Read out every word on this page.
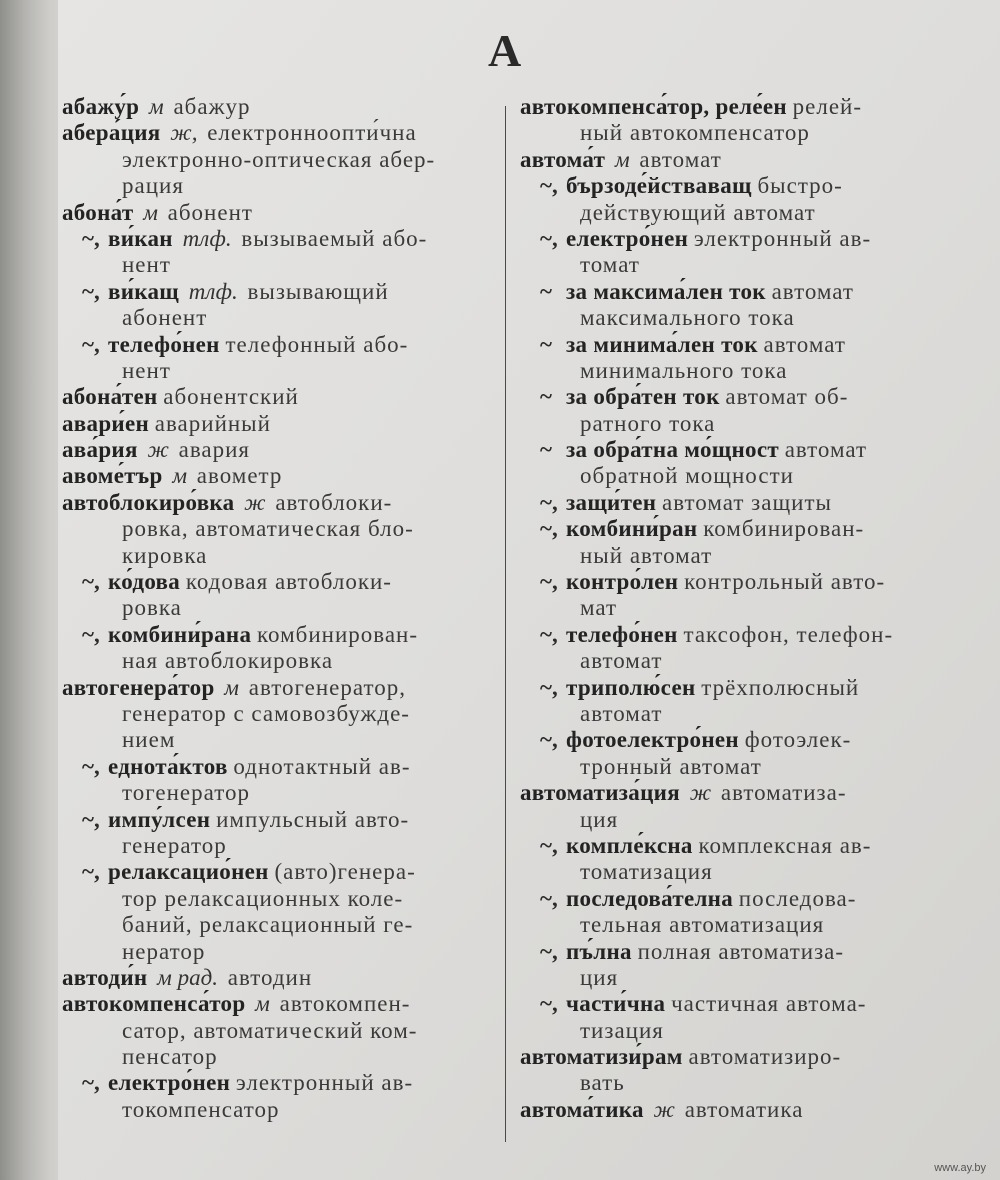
А
абажу́р м абажур
абера́ция ж, електронноопти́чна
электронно-оптическая абер-
рация
абона́т м абонент
~, ви́кан тлф. вызываемый або-
нент
~, ви́кащ тлф. вызывающий
абонент
~, телефо́нен телефонный або-
нент
абона́тен абонентский
авари́ен аварийный
ава́рия ж авария
авоме́тър м авометр
автоблокиро́вка ж автоблоки-
ровка, автоматическая бло-
кировка
~, ко́дова кодовая автоблоки-
ровка
~, комбини́рана комбинирован-
ная автоблокировка
автогенера́тор м автогенератор,
генератор с самовозбужде-
нием
~, еднота́ктов однотактный ав-
тогенератор
~, импу́лсен импульсный авто-
генератор
~, релаксацио́нен (авто)генера-
тор релаксационных коле-
баний, релаксационный ге-
нератор
автоди́н м рад. автодин
автокомпенса́тор м автокомпен-
сатор, автоматический ком-
пенсатор
~, електро́нен электронный ав-
токомпенсатор
автокомпенса́тор, реле́ен релей-
ный автокомпенсатор
автома́т м автомат
~, бързоде́йстваващ быстро-
действующий автомат
~, електро́нен электронный ав-
томат
~ за максима́лен ток автомат
максимального тока
~ за минима́лен ток автомат
минимального тока
~ за обра́тен ток автомат об-
ратного тока
~ за обра́тна мо́щност автомат
обратной мощности
~, защи́тен автомат защиты
~, комбини́ран комбинирован-
ный автомат
~, контро́лен контрольный авто-
мат
~, телефо́нен таксофон, телефон-
автомат
~, триполю́сен трёхполюсный
автомат
~, фотоелектро́нен фотоэлек-
тронный автомат
автоматиза́ция ж автоматиза-
ция
~, компле́ксна комплексная ав-
томатизация
~, последова́телна последова-
тельная автоматизация
~, пъ́лна полная автоматиза-
ция
~, части́чна частичная автома-
тизация
автоматизи́рам автоматизиро-
вать
автома́тика ж автоматика
www.ay.by
